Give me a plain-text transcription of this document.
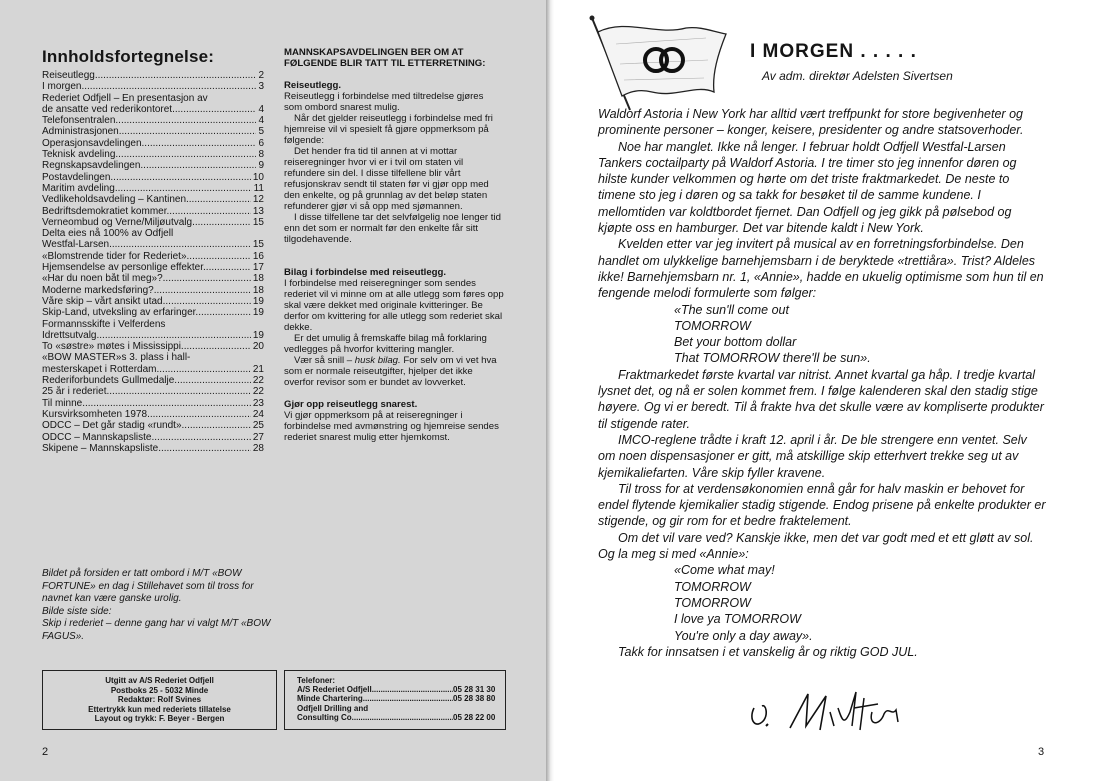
Innholdsfortegnelse:
Reiseutlegg .....	2
I morgen .....	3
Rederiet Odfjell – En presentasjon av
de ansatte ved rederikontoret .....	4
Telefonsentralen .....	4
Administrasjonen .....	5
Operasjonsavdelingen .....	6
Teknisk avdeling .....	8
Regnskapsavdelingen .....	9
Postavdelingen .....	10
Maritim avdeling .....	11
Vedlikeholdsavdeling – Kantinen .....	12
Bedriftsdemokratiet kommer .....	13
Verneombud og Verne/Miljøutvalg .....	15
Delta eies nå 100% av Odfjell
Westfal-Larsen .....	15
«Blomstrende tider for Rederiet» .....	16
Hjemsendelse av personlige effekter .....	17
«Har du noen båt til meg»? .....	18
Moderne markedsføring? .....	18
Våre skip – vårt ansikt utad .....	19
Skip-Land, utveksling av erfaringer .....	19
Formannsskifte i Velferdens
Idrettsutvalg .....	19
To «søstre» møtes i Mississippi .....	20
«BOW MASTER»s 3. plass i hall-
mesterskapet i Rotterdam .....	21
Rederiforbundets Gullmedalje .....	22
25 år i rederiet .....	22
Til minne .....	23
Kursvirksomheten 1978 .....	24
ODCC – Det går stadig «rundt» .....	25
ODCC – Mannskapsliste .....	27
Skipene – Mannskapsliste .....	28
MANNSKAPSAVDELINGEN BER OM AT FØLGENDE BLIR TATT TIL ETTERRETNING:
Reiseutlegg.

Reiseutlegg i forbindelse med tiltredelse gjøres som ombord snarest mulig.

Når det gjelder reiseutlegg i forbindelse med fri hjemreise vil vi spesielt få gjøre oppmerksom på følgende:

Det hender fra tid til annen at vi mottar reiseregninger hvor vi er i tvil om staten vil refundere sin del. I disse tilfellene blir vårt refusjonskrav sendt til staten før vi gjør opp med den enkelte, og på grunnlag av det beløp staten refunderer gjør vi så opp med sjømannen.

I disse tilfellene tar det selvfølgelig noe lenger tid enn det som er normalt før den enkelte får sitt tilgodehavende.

Bilag i forbindelse med reiseutlegg.

I forbindelse med reiseregninger som sendes rederiet vil vi minne om at alle utlegg som føres opp skal være dekket med originale kvitteringer. Be derfor om kvittering for alle utlegg som rederiet skal dekke.

Er det umulig å fremskaffe bilag må forklaring vedlegges på hvorfor kvittering mangler.

Vær så snill – husk bilag. For selv om vi vet hva som er normale reiseutgifter, hjelper det ikke overfor revisor som er bundet av lovverket.

Gjør opp reiseutlegg snarest.

Vi gjør oppmerksom på at reiseregninger i forbindelse med avmønstring og hjemreise sendes rederiet snarest mulig etter hjemkomst.

Bildet på forsiden er tatt ombord i M/T «BOW FORTUNE» en dag i Stillehavet som til tross for navnet kan være ganske urolig.

Bilde siste side:

Skip i rederiet – denne gang har vi valgt M/T «BOW FAGUS».

Utgitt av A/S Rederiet Odfjell
Postboks 25 - 5032 Minde
Redaktør: Rolf Svines
Ettertrykk kun med rederiets tillatelse
Layout og trykk: F. Beyer - Bergen
Telefoner:
A/S Rederiet Odfjell .....	05 28 31 30
Minde Chartering .....	05 28 38 80
Odfjell Drilling and
Consulting Co. .....	05 28 22 00
2
I MORGEN . . . . .
Av adm. direktør Adelsten Sivertsen

Waldorf Astoria i New York har alltid vært treffpunkt for store begivenheter og prominente personer – konger, keisere, presidenter og andre statsoverhoder.

Noe har manglet. Ikke nå lenger. I februar holdt Odfjell Westfal-Larsen Tankers coctailparty på Waldorf Astoria. I tre timer sto jeg innenfor døren og hilste kunder velkommen og hørte om det triste fraktmarkedet. De neste to timene sto jeg i døren og sa takk for besøket til de samme kundene. I mellomtiden var koldtbordet fjernet. Dan Odfjell og jeg gikk på pølsebod og kjøpte oss en hamburger. Det var bitende kaldt i New York.

Kvelden etter var jeg invitert på musical av en forretningsforbindelse. Den handlet om ulykkelige barnehjemsbarn i de beryktede «trettiåra». Trist? Aldeles ikke! Barnehjemsbarn nr. 1, «Annie», hadde en ukuelig optimisme som hun til en fengende melodi formulerte som følger:

«The sun'll come out
TOMORROW
Bet your bottom dollar
That TOMORROW there'll be sun».

Fraktmarkedet første kvartal var nitrist. Annet kvartal ga håp. I tredje kvartal lysnet det, og nå er solen kommet frem. I følge kalenderen skal den stadig stige høyere. Og vi er beredt. Til å frakte hva det skulle være av kompliserte produkter til stigende rater.

IMCO-reglene trådte i kraft 12. april i år. De ble strengere enn ventet. Selv om noen dispensasjoner er gitt, må atskillige skip etterhvert trekke seg ut av kjemikaliefarten. Våre skip fyller kravene.

Til tross for at verdensøkonomien ennå går for halv maskin er behovet for endel flytende kjemikalier stadig stigende. Endog prisene på enkelte produkter er stigende, og gir rom for et bedre fraktelement.

Om det vil vare ved? Kanskje ikke, men det var godt med et ett gløtt av sol. Og la meg si med «Annie»:

«Come what may!
TOMORROW
TOMORROW
I love ya TOMORROW
You're only a day away».

Takk for innsatsen i et vanskelig år og riktig GOD JUL.

3
